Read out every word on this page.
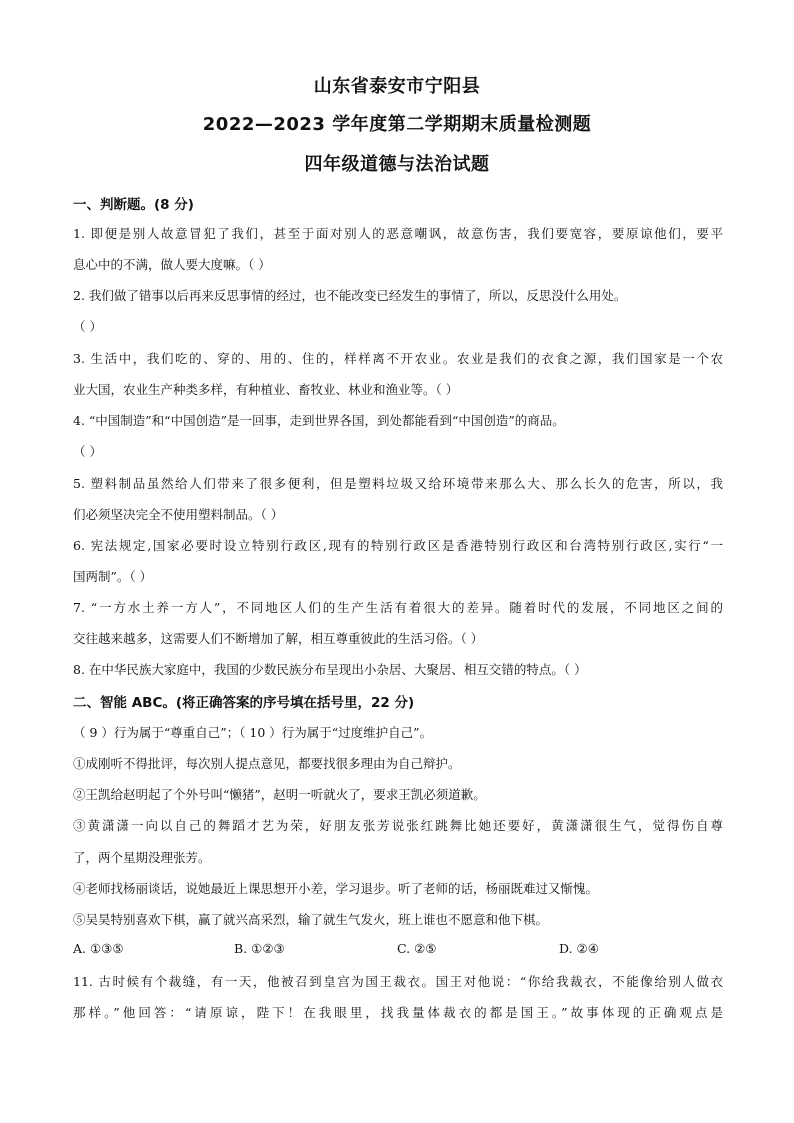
山东省泰安市宁阳县
2022—2023 学年度第二学期期末质量检测题
四年级道德与法治试题
一、判断题。(8 分)
1. 即便是别人故意冒犯了我们，甚至于面对别人的恶意嘲讽，故意伤害，我们要宽容，要原谅他们，要平
息心中的不满，做人要大度嘛。（ ）
2. 我们做了错事以后再来反思事情的经过，也不能改变已经发生的事情了，所以，反思没什么用处。
（ ）
3. 生活中，我们吃的、穿的、用的、住的，样样离不开农业。农业是我们的衣食之源，我们国家是一个农
业大国，农业生产种类多样，有种植业、畜牧业、林业和渔业等。（ ）
4. “中国制造”和“中国创造”是一回事，走到世界各国，到处都能看到“中国创造”的商品。
（ ）
5. 塑料制品虽然给人们带来了很多便利，但是塑料垃圾又给环境带来那么大、那么长久的危害，所以，我
们必须坚决完全不使用塑料制品。（ ）
6. 宪法规定,国家必要时设立特别行政区,现有的特别行政区是香港特别行政区和台湾特别行政区,实行“一
国两制”。（ ）
7. “一方水土养一方人”，不同地区人们的生产生活有着很大的差异。随着时代的发展，不同地区之间的
交往越来越多，这需要人们不断增加了解，相互尊重彼此的生活习俗。（ ）
8. 在中华民族大家庭中，我国的少数民族分布呈现出小杂居、大聚居、相互交错的特点。（ ）
二、智能 ABC。(将正确答案的序号填在括号里，22 分)
（ 9 ）行为属于“尊重自己”；（ 10 ）行为属于“过度维护自己”。
①成刚听不得批评，每次别人提点意见，都要找很多理由为自己辩护。
②王凯给赵明起了个外号叫“懒猪”，赵明一听就火了，要求王凯必须道歉。
③黄潇潇一向以自己的舞蹈才艺为荣，好朋友张芳说张红跳舞比她还要好，黄潇潇很生气，觉得伤自尊
了，两个星期没理张芳。
④老师找杨丽谈话，说她最近上课思想开小差，学习退步。听了老师的话，杨丽既难过又惭愧。
⑤吴昊特别喜欢下棋，赢了就兴高采烈，输了就生气发火，班上谁也不愿意和他下棋。
A. ①③⑤	B. ①②③	C. ②⑤	D. ②④
11. 古时候有个裁缝，有一天，他被召到皇宫为国王裁衣。国王对他说：“你给我裁衣，不能像给别人做衣
那样。”他回答：“请原谅，陛下！在我眼里，找我量体裁衣的都是国王。”故事体现的正确观点是
